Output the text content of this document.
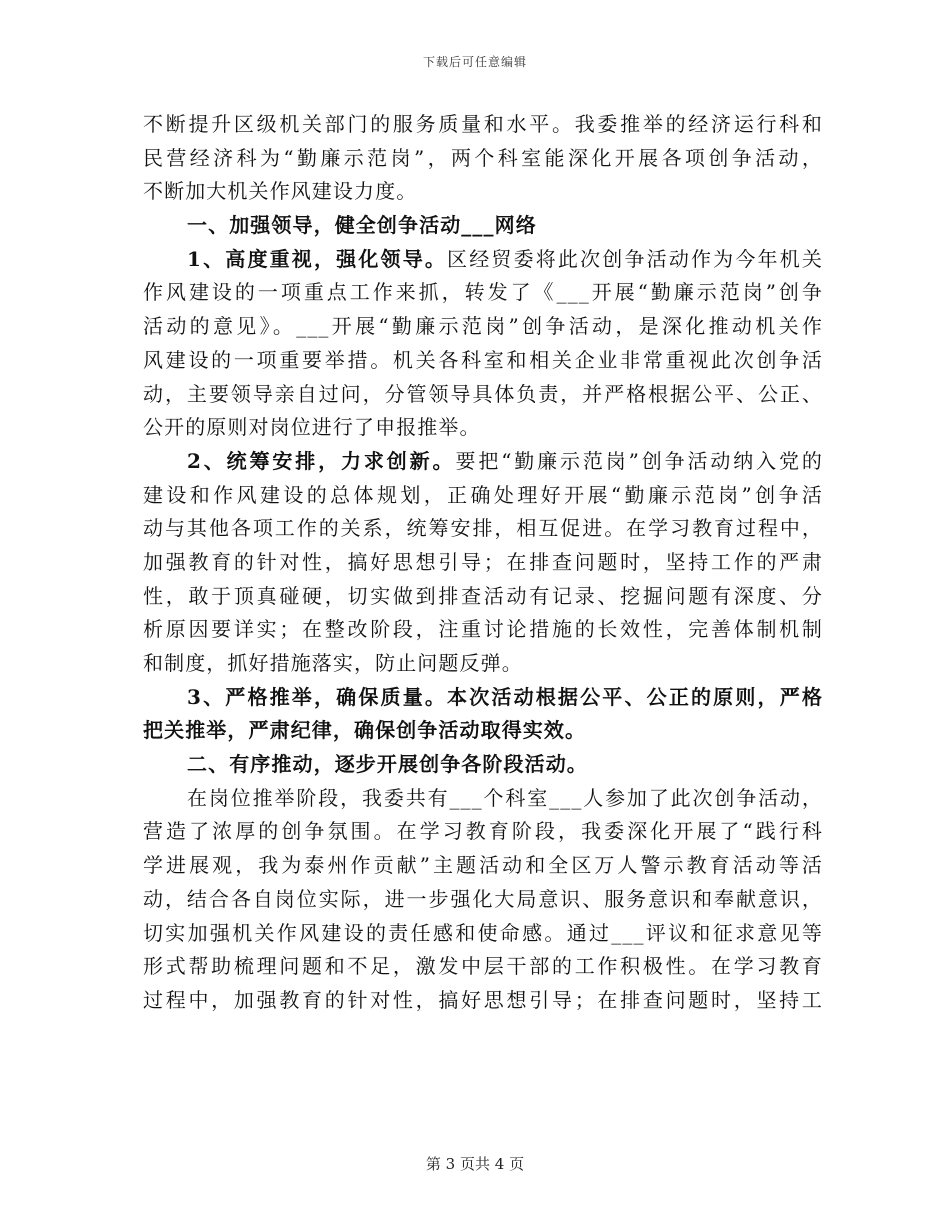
下载后可任意编辑
不断提升区级机关部门的服务质量和水平。我委推举的经济运行科和
民营经济科为“勤廉示范岗”，两个科室能深化开展各项创争活动，
不断加大机关作风建设力度。
一、加强领导，健全创争活动___网络
1、高度重视，强化领导。区经贸委将此次创争活动作为今年机关
作风建设的一项重点工作来抓，转发了《___开展“勤廉示范岗”创争
活动的意见》。___开展“勤廉示范岗”创争活动，是深化推动机关作
风建设的一项重要举措。机关各科室和相关企业非常重视此次创争活
动，主要领导亲自过问，分管领导具体负责，并严格根据公平、公正、
公开的原则对岗位进行了申报推举。
2、统筹安排，力求创新。要把“勤廉示范岗”创争活动纳入党的
建设和作风建设的总体规划，正确处理好开展“勤廉示范岗”创争活
动与其他各项工作的关系，统筹安排，相互促进。在学习教育过程中，
加强教育的针对性，搞好思想引导；在排查问题时，坚持工作的严肃
性，敢于顶真碰硬，切实做到排查活动有记录、挖掘问题有深度、分
析原因要详实；在整改阶段，注重讨论措施的长效性，完善体制机制
和制度，抓好措施落实，防止问题反弹。
3、严格推举，确保质量。本次活动根据公平、公正的原则，严格
把关推举，严肃纪律，确保创争活动取得实效。
二、有序推动，逐步开展创争各阶段活动。
在岗位推举阶段，我委共有___个科室___人参加了此次创争活动，
营造了浓厚的创争氛围。在学习教育阶段，我委深化开展了“践行科
学进展观，我为泰州作贡献”主题活动和全区万人警示教育活动等活
动，结合各自岗位实际，进一步强化大局意识、服务意识和奉献意识，
切实加强机关作风建设的责任感和使命感。通过___评议和征求意见等
形式帮助梳理问题和不足，激发中层干部的工作积极性。在学习教育
过程中，加强教育的针对性，搞好思想引导；在排查问题时，坚持工
第 3 页共 4 页
